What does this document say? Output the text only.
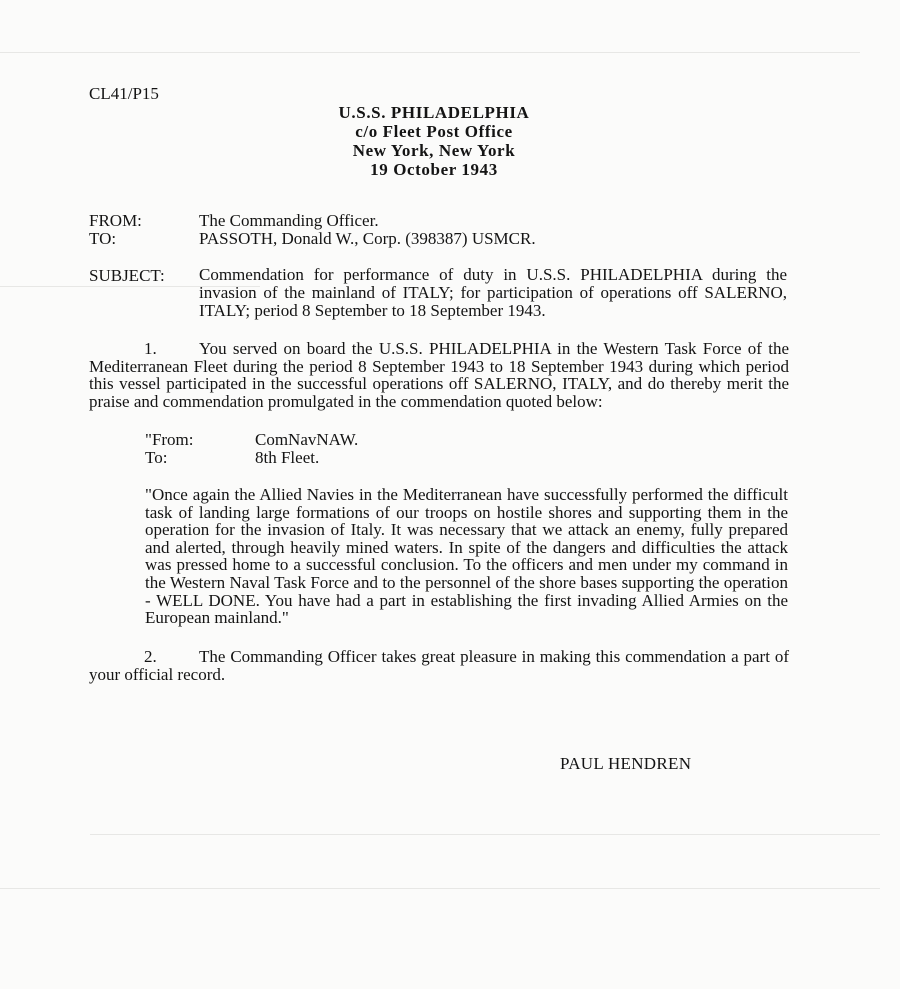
CL41/P15
U.S.S. PHILADELPHIA
c/o Fleet Post Office
New York, New York
19 October 1943
FROM:	The Commanding Officer.
TO:	PASSOTH, Donald W., Corp. (398387) USMCR.
SUBJECT: Commendation for performance of duty in U.S.S. PHILADELPHIA during the invasion of the mainland of ITALY; for participation of operations off SALERNO, ITALY; period 8 September to 18 September 1943.
1. You served on board the U.S.S. PHILADELPHIA in the Western Task Force of the Mediterranean Fleet during the period 8 September 1943 to 18 September 1943 during which period this vessel participated in the successful operations off SALERNO, ITALY, and do thereby merit the praise and commendation promulgated in the commendation quoted below:
"From:	ComNavNAW.
To:	8th Fleet.
"Once again the Allied Navies in the Mediterranean have successfully performed the difficult task of landing large formations of our troops on hostile shores and supporting them in the operation for the invasion of Italy. It was necessary that we attack an enemy, fully prepared and alerted, through heavily mined waters. In spite of the dangers and difficulties the attack was pressed home to a successful conclusion. To the officers and men under my command in the Western Naval Task Force and to the personnel of the shore bases supporting the operation - WELL DONE. You have had a part in establishing the first invading Allied Armies on the European mainland."
2. The Commanding Officer takes great pleasure in making this commendation a part of your official record.
PAUL HENDREN
